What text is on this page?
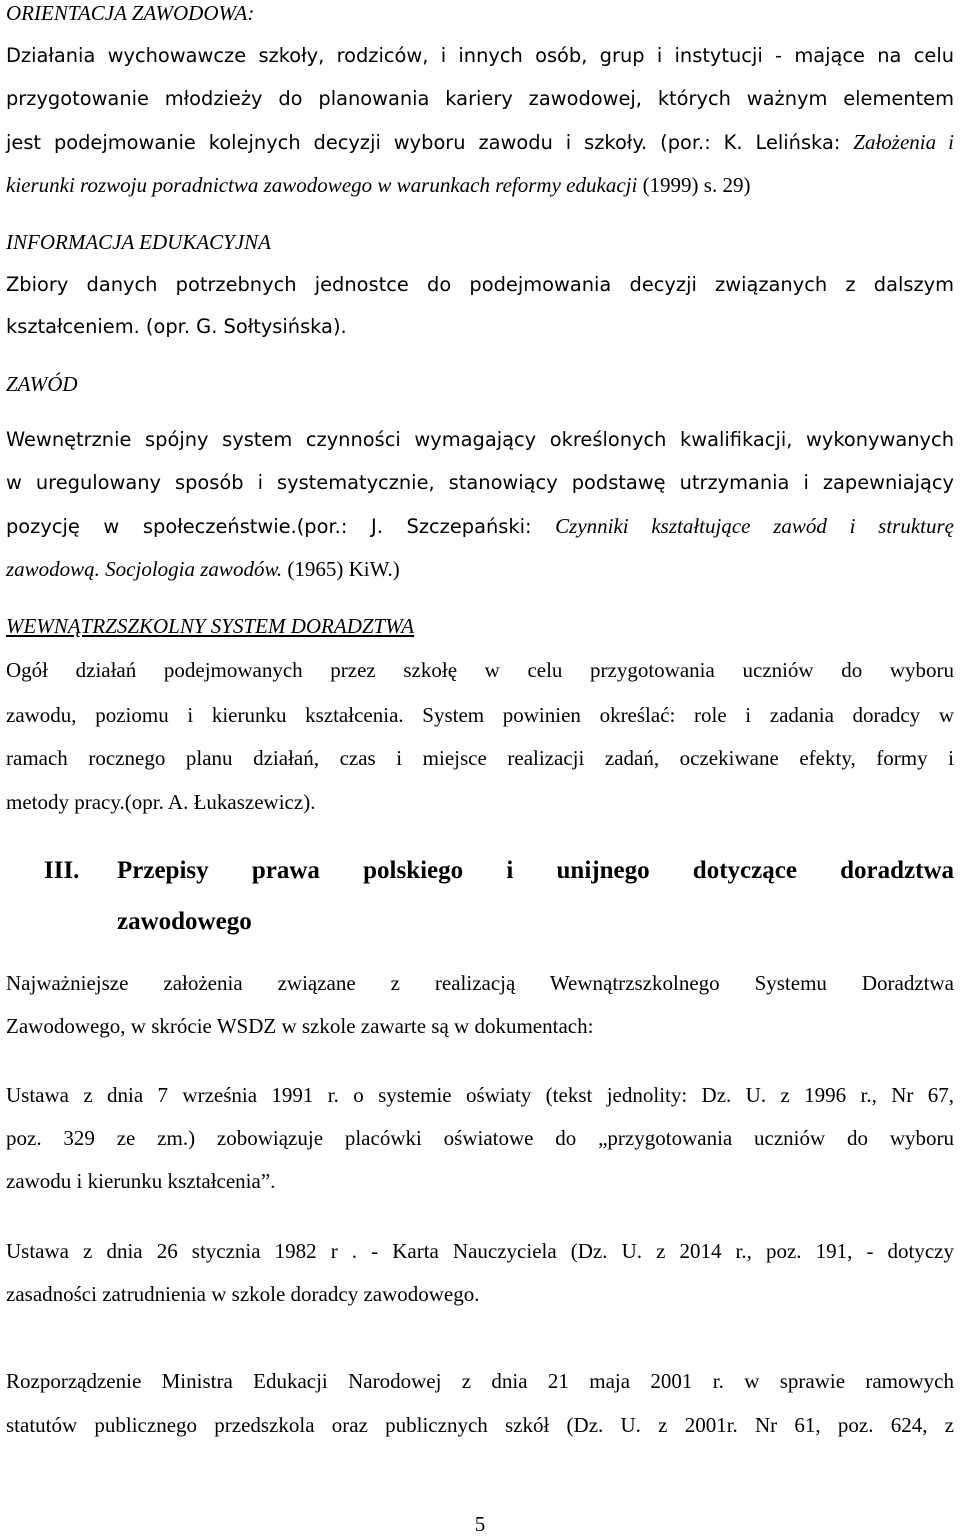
ORIENTACJA ZAWODOWA:
Działania wychowawcze szkoły, rodziców, i innych osób, grup i instytucji - mające na celu
przygotowanie młodzieży do planowania kariery zawodowej, których ważnym elementem
jest podejmowanie kolejnych decyzji wyboru zawodu i szkoły. (por.: K. Lelińska: Założenia i
kierunki rozwoju poradnictwa zawodowego w warunkach reformy edukacji (1999) s. 29)
INFORMACJA EDUKACYJNA
Zbiory danych potrzebnych jednostce do podejmowania decyzji związanych z dalszym
kształceniem. (opr. G. Sołtysińska).
ZAWÓD
Wewnętrznie spójny system czynności wymagający określonych kwalifikacji, wykonywanych
w uregulowany sposób i systematycznie, stanowiący podstawę utrzymania i zapewniający
pozycję w społeczeństwie.(por.: J. Szczepański: Czynniki kształtujące zawód i strukturę
zawodową. Socjologia zawodów. (1965) KiW.)
WEWNĄTRZSZKOLNY SYSTEM DORADZTWA
Ogół działań podejmowanych przez szkołę w celu przygotowania uczniów do wyboru
zawodu, poziomu i kierunku kształcenia. System powinien określać: role i zadania doradcy w
ramach rocznego planu działań, czas i miejsce realizacji zadań, oczekiwane efekty, formy i
metody pracy.(opr. A. Łukaszewicz).
III. Przepisy prawa polskiego i unijnego dotyczące doradztwa
zawodowego
Najważniejsze założenia związane z realizacją Wewnątrzszkolnego Systemu Doradztwa
Zawodowego, w skrócie WSDZ w szkole zawarte są w dokumentach:
Ustawa z dnia 7 września 1991 r. o systemie oświaty (tekst jednolity: Dz. U. z 1996 r., Nr 67,
poz. 329 ze zm.) zobowiązuje placówki oświatowe do „przygotowania uczniów do wyboru
zawodu i kierunku kształcenia”.
Ustawa z dnia 26 stycznia 1982 r . - Karta Nauczyciela (Dz. U. z 2014 r., poz. 191, - dotyczy
zasadności zatrudnienia w szkole doradcy zawodowego.
Rozporządzenie Ministra Edukacji Narodowej z dnia 21 maja 2001 r. w sprawie ramowych
statutów publicznego przedszkola oraz publicznych szkół (Dz. U. z 2001r. Nr 61, poz. 624, z
5
